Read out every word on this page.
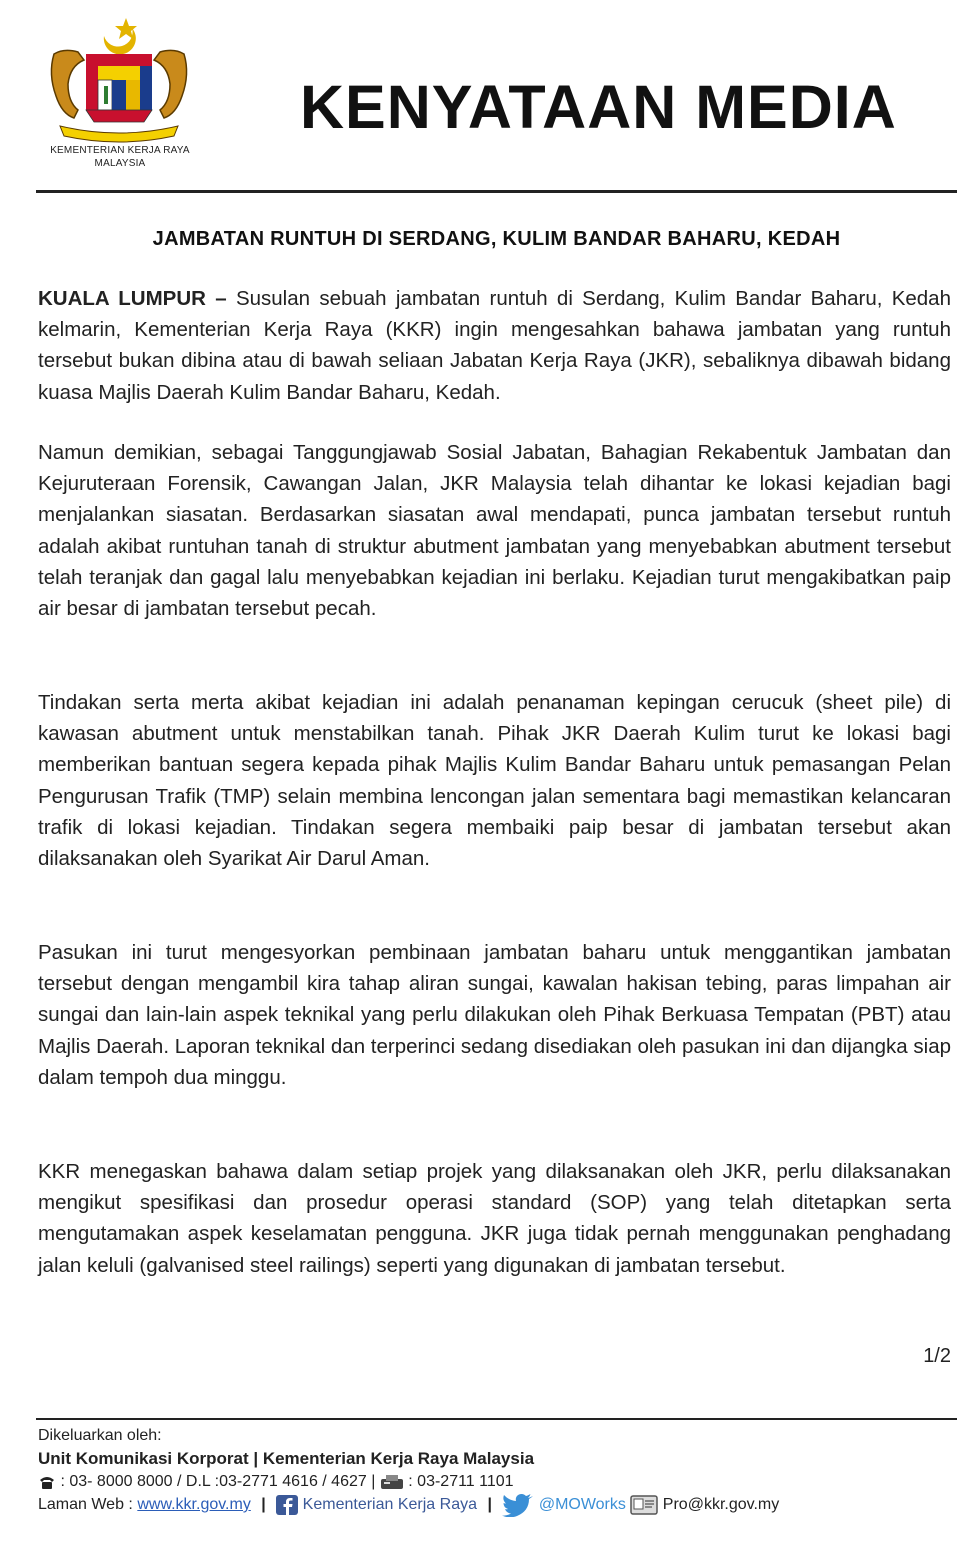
KEMENTERIAN KERJA RAYA
MALAYSIA
KENYATAAN MEDIA
JAMBATAN RUNTUH DI SERDANG, KULIM BANDAR BAHARU, KEDAH
KUALA LUMPUR – Susulan sebuah jambatan runtuh di Serdang, Kulim Bandar Baharu, Kedah kelmarin, Kementerian Kerja Raya (KKR) ingin mengesahkan bahawa jambatan yang runtuh tersebut bukan dibina atau di bawah seliaan Jabatan Kerja Raya (JKR), sebaliknya dibawah bidang kuasa Majlis Daerah Kulim Bandar Baharu, Kedah.
Namun demikian, sebagai Tanggungjawab Sosial Jabatan, Bahagian Rekabentuk Jambatan dan Kejuruteraan Forensik, Cawangan Jalan, JKR Malaysia telah dihantar ke lokasi kejadian bagi menjalankan siasatan. Berdasarkan siasatan awal mendapati, punca jambatan tersebut runtuh adalah akibat runtuhan tanah di struktur abutment jambatan yang menyebabkan abutment tersebut telah teranjak dan gagal lalu menyebabkan kejadian ini berlaku. Kejadian turut mengakibatkan paip air besar di jambatan tersebut pecah.
Tindakan serta merta akibat kejadian ini adalah penanaman kepingan cerucuk (sheet pile) di kawasan abutment untuk menstabilkan tanah. Pihak JKR Daerah Kulim turut ke lokasi bagi memberikan bantuan segera kepada pihak Majlis Kulim Bandar Baharu untuk pemasangan Pelan Pengurusan Trafik (TMP) selain membina lencongan jalan sementara bagi memastikan kelancaran trafik di lokasi kejadian. Tindakan segera membaiki paip besar di jambatan tersebut akan dilaksanakan oleh Syarikat Air Darul Aman.
Pasukan ini turut mengesyorkan pembinaan jambatan baharu untuk menggantikan jambatan tersebut dengan mengambil kira tahap aliran sungai, kawalan hakisan tebing, paras limpahan air sungai dan lain-lain aspek teknikal yang perlu dilakukan oleh Pihak Berkuasa Tempatan (PBT) atau Majlis Daerah. Laporan teknikal dan terperinci sedang disediakan oleh pasukan ini dan dijangka siap dalam tempoh dua minggu.
KKR menegaskan bahawa dalam setiap projek yang dilaksanakan oleh JKR, perlu dilaksanakan mengikut spesifikasi dan prosedur operasi standard (SOP) yang telah ditetapkan serta mengutamakan aspek keselamatan pengguna. JKR juga tidak pernah menggunakan penghadang jalan keluli (galvanised steel railings) seperti yang digunakan di jambatan tersebut.
1/2
Dikeluarkan oleh:
Unit Komunikasi Korporat | Kementerian Kerja Raya Malaysia
: 03- 8000 8000 / D.L :03-2771 4616 / 4627 | : 03-2711 1101
Laman Web : www.kkr.gov.my | Kementerian Kerja Raya |	@MOWorks Pro@kkr.gov.my
